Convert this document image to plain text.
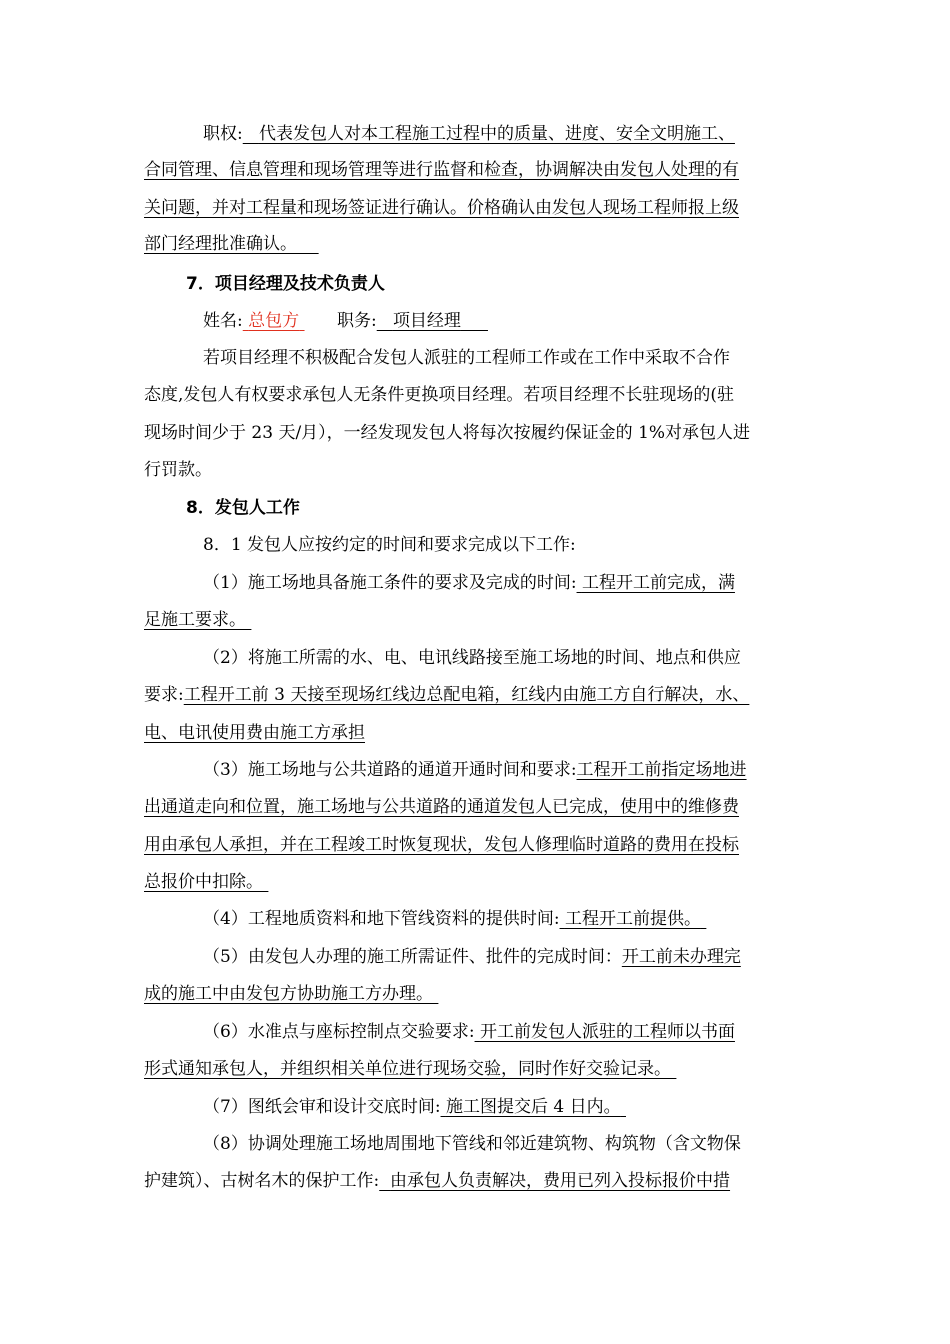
职权: 代表发包人对本工程施工过程中的质量、进度、安全文明施工、
合同管理、信息管理和现场管理等进行监督和检查，协调解决由发包人处理的有
关问题，并对工程量和现场签证进行确认。价格确认由发包人现场工程师报上级
部门经理批准确认。
7．项目经理及技术负责人
姓名: 总包方 职务: 项目经理
若项目经理不积极配合发包人派驻的工程师工作或在工作中采取不合作
态度,发包人有权要求承包人无条件更换项目经理。若项目经理不长驻现场的(驻
现场时间少于 23 天/月），一经发现发包人将每次按履约保证金的 1%对承包人进
行罚款。
8．发包人工作
8．1 发包人应按约定的时间和要求完成以下工作:
（1）施工场地具备施工条件的要求及完成的时间: 工程开工前完成，满
足施工要求。
（2）将施工所需的水、电、电讯线路接至施工场地的时间、地点和供应
要求:工程开工前 3 天接至现场红线边总配电箱，红线内由施工方自行解决，水、
电、电讯使用费由施工方承担
（3）施工场地与公共道路的通道开通时间和要求:工程开工前指定场地进
出通道走向和位置，施工场地与公共道路的通道发包人已完成，使用中的维修费
用由承包人承担，并在工程竣工时恢复现状，发包人修理临时道路的费用在投标
总报价中扣除。
（4）工程地质资料和地下管线资料的提供时间: 工程开工前提供。
（5）由发包人办理的施工所需证件、批件的完成时间：开工前未办理完
成的施工中由发包方协助施工方办理。
（6）水准点与座标控制点交验要求: 开工前发包人派驻的工程师以书面
形式通知承包人，并组织相关单位进行现场交验，同时作好交验记录。
（7）图纸会审和设计交底时间: 施工图提交后 4 日内。
（8）协调处理施工场地周围地下管线和邻近建筑物、构筑物（含文物保
护建筑）、古树名木的保护工作: 由承包人负责解决，费用已列入投标报价中措
